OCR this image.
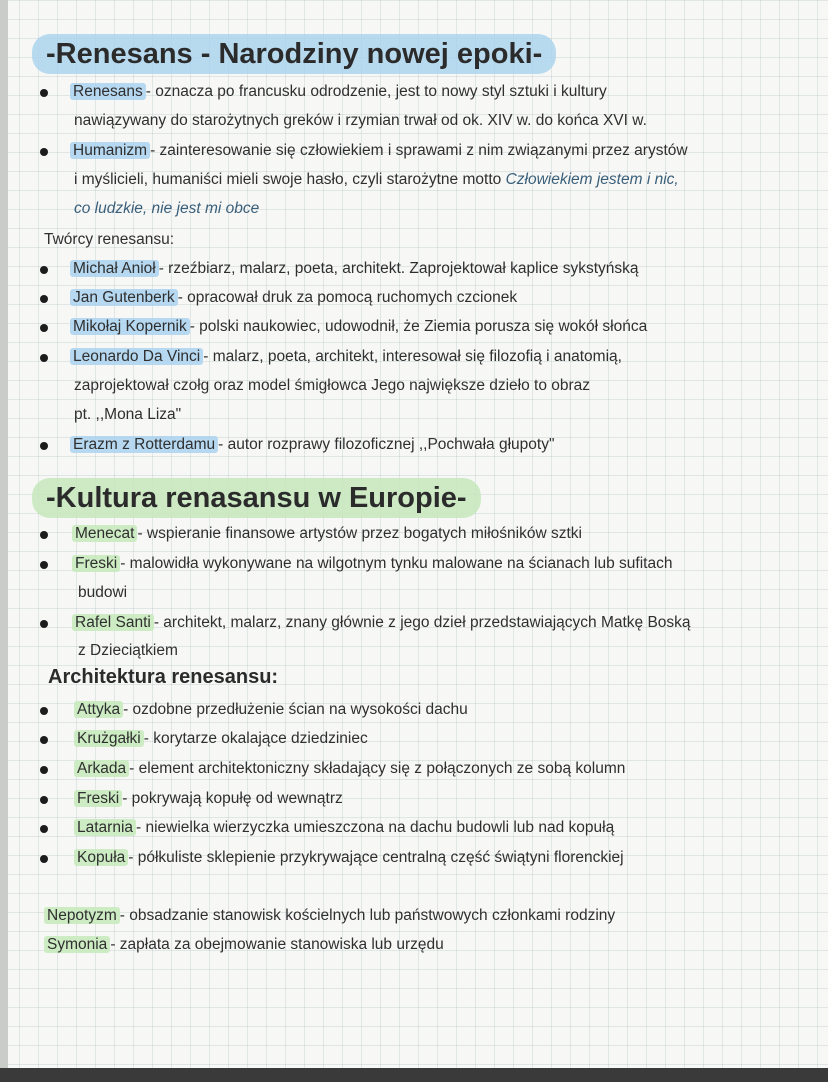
-Renesans - Narodziny nowej epoki-
Renesans - oznacza po francusku odrodzenie, jest to nowy styl sztuki i kultury
nawiązywany do starożytnych greków i rzymian trwał od ok. XIV w. do końca XVI w.
Humanizm - zainteresowanie się człowiekiem i sprawami z nim związanymi przez arystów
i myślicieli, humaniści mieli swoje hasło, czyli starożytne motto Człowiekiem jestem i nic,
co ludzkie, nie jest mi obce
Twórcy renesansu:
Michał Anioł - rzeźbiarz, malarz, poeta, architekt. Zaprojektował kaplice sykstyńską
Jan Gutenberk - opracował druk za pomocą ruchomych czcionek
Mikołaj Kopernik - polski naukowiec, udowodnił, że Ziemia porusza się wokół słońca
Leonardo Da Vinci - malarz, poeta, architekt, interesował się filozofią i anatomią,
zaprojektował czołg oraz model śmigłowca Jego największe dzieło to obraz
pt. ,,Mona Liza"
Erazm z Rotterdamu - autor rozprawy filozoficznej ,,Pochwała głupoty"
-Kultura renasansu w Europie-
Menecat - wspieranie finansowe artystów przez bogatych miłośników sztki
Freski - malowidła wykonywane na wilgotnym tynku malowane na ścianach lub sufitach
budowi
Rafel Santi - architekt, malarz, znany głównie z jego dzieł przedstawiających Matkę Boską
z Dzieciątkiem
Architektura renesansu:
Attyka - ozdobne przedłużenie ścian na wysokości dachu
Krużgałki - korytarze okalające dziedziniec
Arkada - element architektoniczny składający się z połączonych ze sobą kolumn
Freski - pokrywają kopułę od wewnątrz
Latarnia - niewielka wierzyczka umieszczona na dachu budowli lub nad kopułą
Kopuła - półkuliste sklepienie przykrywające centralną część świątyni florenckiej
Nepotyzm - obsadzanie stanowisk kościelnych lub państwowych członkami rodziny
Symonia - zapłata za obejmowanie stanowiska lub urzędu
